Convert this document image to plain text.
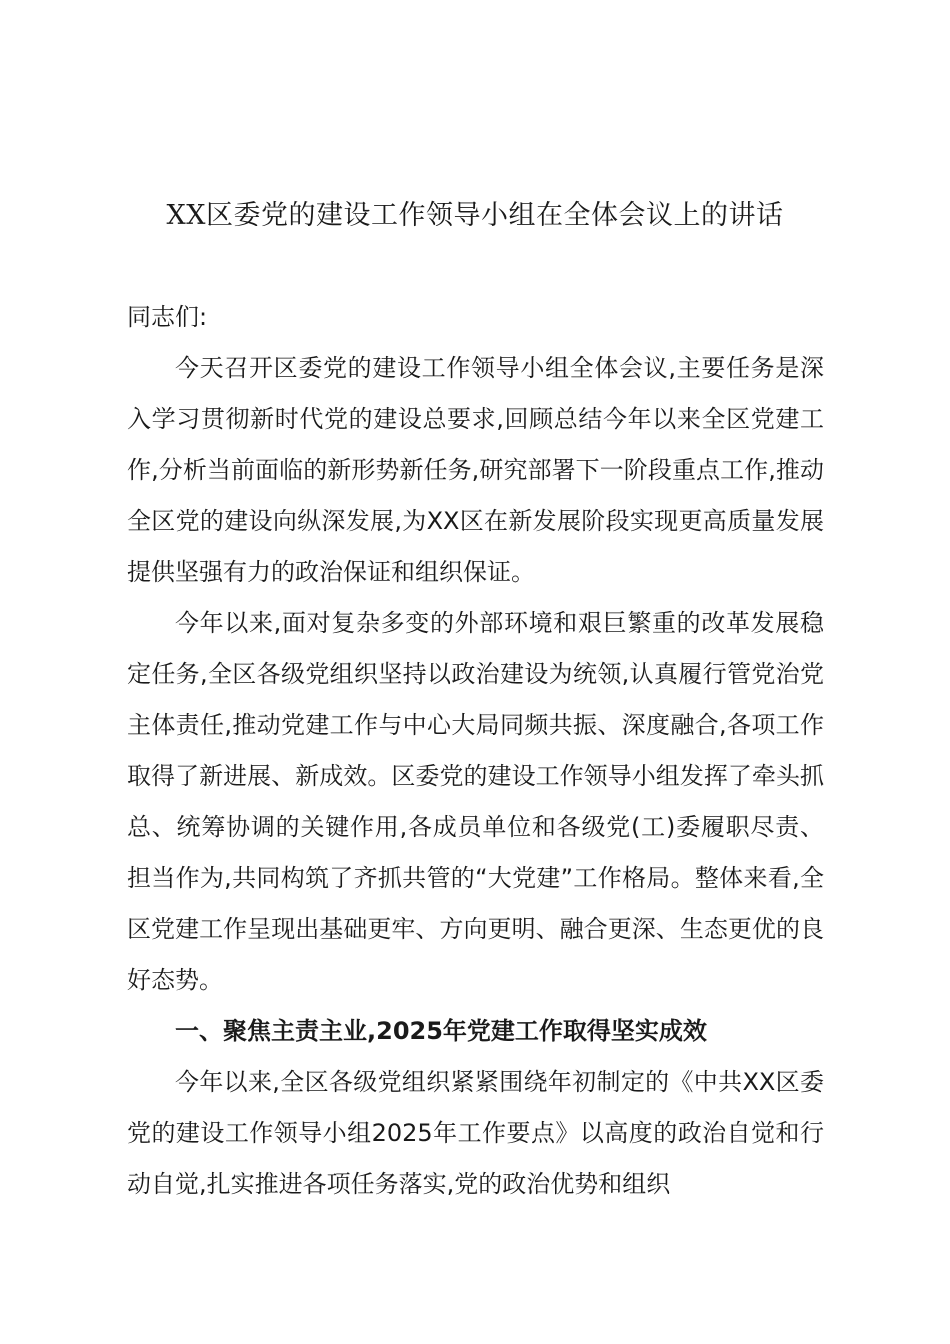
XX区委党的建设工作领导小组在全体会议上的讲话

同志们:

今天召开区委党的建设工作领导小组全体会议,主要任务是深入学习贯彻新时代党的建设总要求,回顾总结今年以来全区党建工作,分析当前面临的新形势新任务,研究部署下一阶段重点工作,推动全区党的建设向纵深发展,为XX区在新发展阶段实现更高质量发展提供坚强有力的政治保证和组织保证。

今年以来,面对复杂多变的外部环境和艰巨繁重的改革发展稳定任务,全区各级党组织坚持以政治建设为统领,认真履行管党治党主体责任,推动党建工作与中心大局同频共振、深度融合,各项工作取得了新进展、新成效。区委党的建设工作领导小组发挥了牵头抓总、统筹协调的关键作用,各成员单位和各级党(工)委履职尽责、担当作为,共同构筑了齐抓共管的“大党建”工作格局。整体来看,全区党建工作呈现出基础更牢、方向更明、融合更深、生态更优的良好态势。

一、聚焦主责主业,2025年党建工作取得坚实成效

今年以来,全区各级党组织紧紧围绕年初制定的《中共XX区委党的建设工作领导小组2025年工作要点》以高度的政治自觉和行动自觉,扎实推进各项任务落实,党的政治优势和组织
